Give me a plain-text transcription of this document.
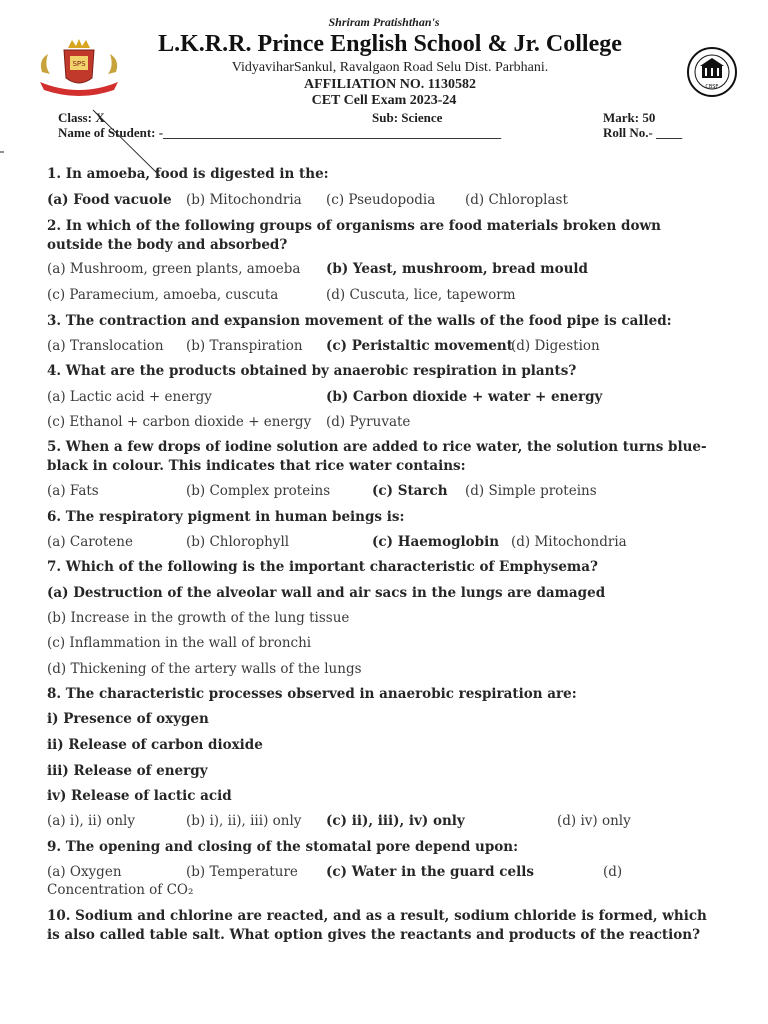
SPS
CBSE
Shriram Pratishthan's
L.K.R.R. Prince English School & Jr. College
VidyaviharSankul, Ravalgaon Road Selu Dist. Parbhani.
AFFILIATION NO. 1130582
CET Cell Exam 2023-24
Class: X	Sub: Science	Mark: 50
Name of Student: -____________________________________________________	Roll No.- ____
1. In amoeba, food is digested in the:
(a) Food vacuole (b) Mitochondria (c) Pseudopodia (d) Chloroplast
2. In which of the following groups of organisms are food materials broken down outside the body and absorbed?
(a) Mushroom, green plants, amoeba (b) Yeast, mushroom, bread mould
(c) Paramecium, amoeba, cuscuta	(d) Cuscuta, lice, tapeworm
3. The contraction and expansion movement of the walls of the food pipe is called:
(a) Translocation (b) Transpiration (c) Peristaltic movement
(d) Digestion
4. What are the products obtained by anaerobic respiration in plants?
(a) Lactic acid + energy	(b) Carbon dioxide + water + energy
(c) Ethanol + carbon dioxide + energy (d) Pyruvate
5. When a few drops of iodine solution are added to rice water, the solution turns blue-black in colour. This indicates that rice water contains:
(a) Fats	(b) Complex proteins	(c) Starch (d) Simple proteins
6. The respiratory pigment in human beings is:
(a) Carotene	(b) Chlorophyll	(c) Haemoglobin (d) Mitochondria
7. Which of the following is the important characteristic of Emphysema?
(a) Destruction of the alveolar wall and air sacs in the lungs are damaged
(b) Increase in the growth of the lung tissue
(c) Inflammation in the wall of bronchi
(d) Thickening of the artery walls of the lungs
8. The characteristic processes observed in anaerobic respiration are:
i) Presence of oxygen
ii) Release of carbon dioxide
iii) Release of energy
iv) Release of lactic acid
(a) i), ii) only	(b) i), ii), iii) only (c) ii), iii), iv) only	(d) iv) only
9. The opening and closing of the stomatal pore depend upon:
(a) Oxygen	(b) Temperature (c) Water in the guard cells	(d)
Concentration of CO₂
10. Sodium and chlorine are reacted, and as a result, sodium chloride is formed, which is also called table salt. What option gives the reactants and products of the reaction?
